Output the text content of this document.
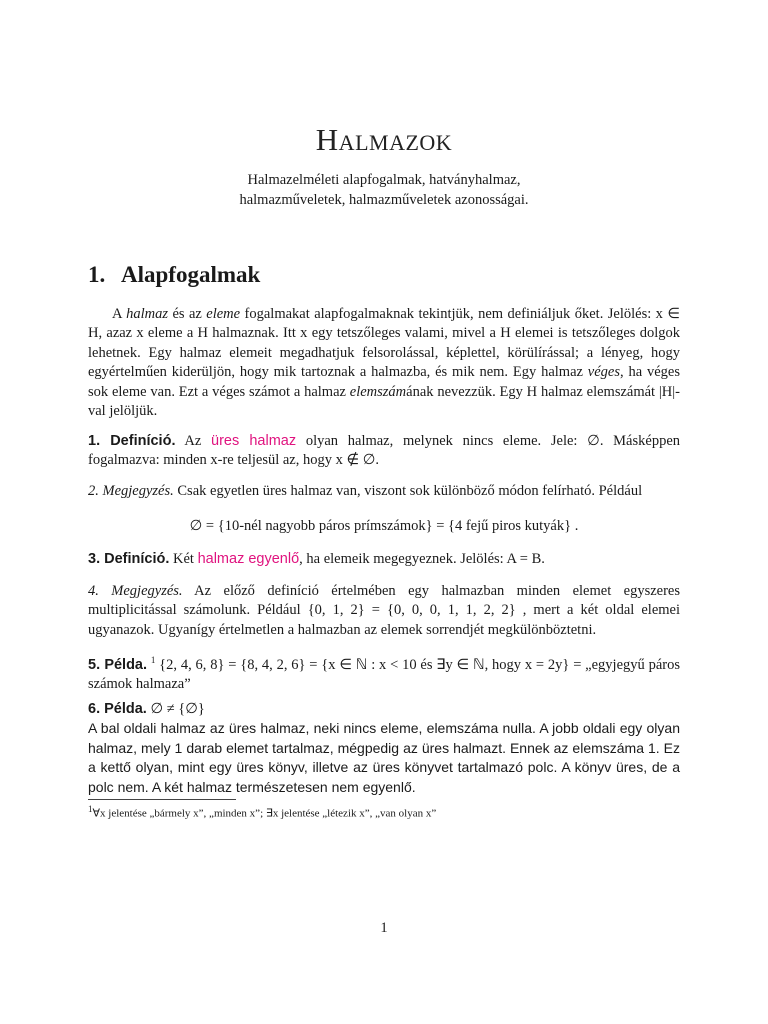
Halmazok
Halmazelméleti alapfogalmak, hatványhalmaz,
halmazműveletek, halmazműveletek azonosságai.
1. Alapfogalmak
A halmaz és az eleme fogalmakat alapfogalmaknak tekintjük, nem definiáljuk őket. Jelölés: x ∈ H, azaz x eleme a H halmaznak. Itt x egy tetszőleges valami, mivel a H elemei is tetszőleges dolgok lehetnek. Egy halmaz elemeit megadhatjuk felsorolással, képlettel, körülírással; a lényeg, hogy egyértelműen kiderüljön, hogy mik tartoznak a halmazba, és mik nem. Egy halmaz véges, ha véges sok eleme van. Ezt a véges számot a halmaz elemszámának nevezzük. Egy H halmaz elemszámát |H|-val jelöljük.
1. Definíció. Az üres halmaz olyan halmaz, melynek nincs eleme. Jele: ∅. Másképpen fogalmazva: minden x-re teljesül az, hogy x ∉ ∅.
2. Megjegyzés. Csak egyetlen üres halmaz van, viszont sok különböző módon felírható. Például
∅ = {10-nél nagyobb páros prímszámok} = {4 fejű piros kutyák} .
3. Definíció. Két halmaz egyenlő, ha elemeik megegyeznek. Jelölés: A = B.
4. Megjegyzés. Az előző definíció értelmében egy halmazban minden elemet egyszeres multiplicitással számolunk. Például {0, 1, 2} = {0, 0, 0, 1, 1, 2, 2} , mert a két oldal elemei ugyanazok. Ugyanígy értelmetlen a halmazban az elemek sorrendjét megkülönböztetni.
5. Példa. $^1$ {2, 4, 6, 8} = {8, 4, 2, 6} = {x ∈ ℕ : x < 10 és ∃y ∈ ℕ, hogy x = 2y} = „egyjegyű páros számok halmaza”
6. Példa. ∅ ≠ {∅}
A bal oldali halmaz az üres halmaz, neki nincs eleme, elemszáma nulla. A jobb oldali egy olyan halmaz, mely 1 darab elemet tartalmaz, mégpedig az üres halmazt. Ennek az elemszáma 1. Ez a kettő olyan, mint egy üres könyv, illetve az üres könyvet tartalmazó polc. A könyv üres, de a polc nem. A két halmaz természetesen nem egyenlő.
$^1$∀x jelentése „bármely x”, „minden x”; ∃x jelentése „létezik x”, „van olyan x”
1
